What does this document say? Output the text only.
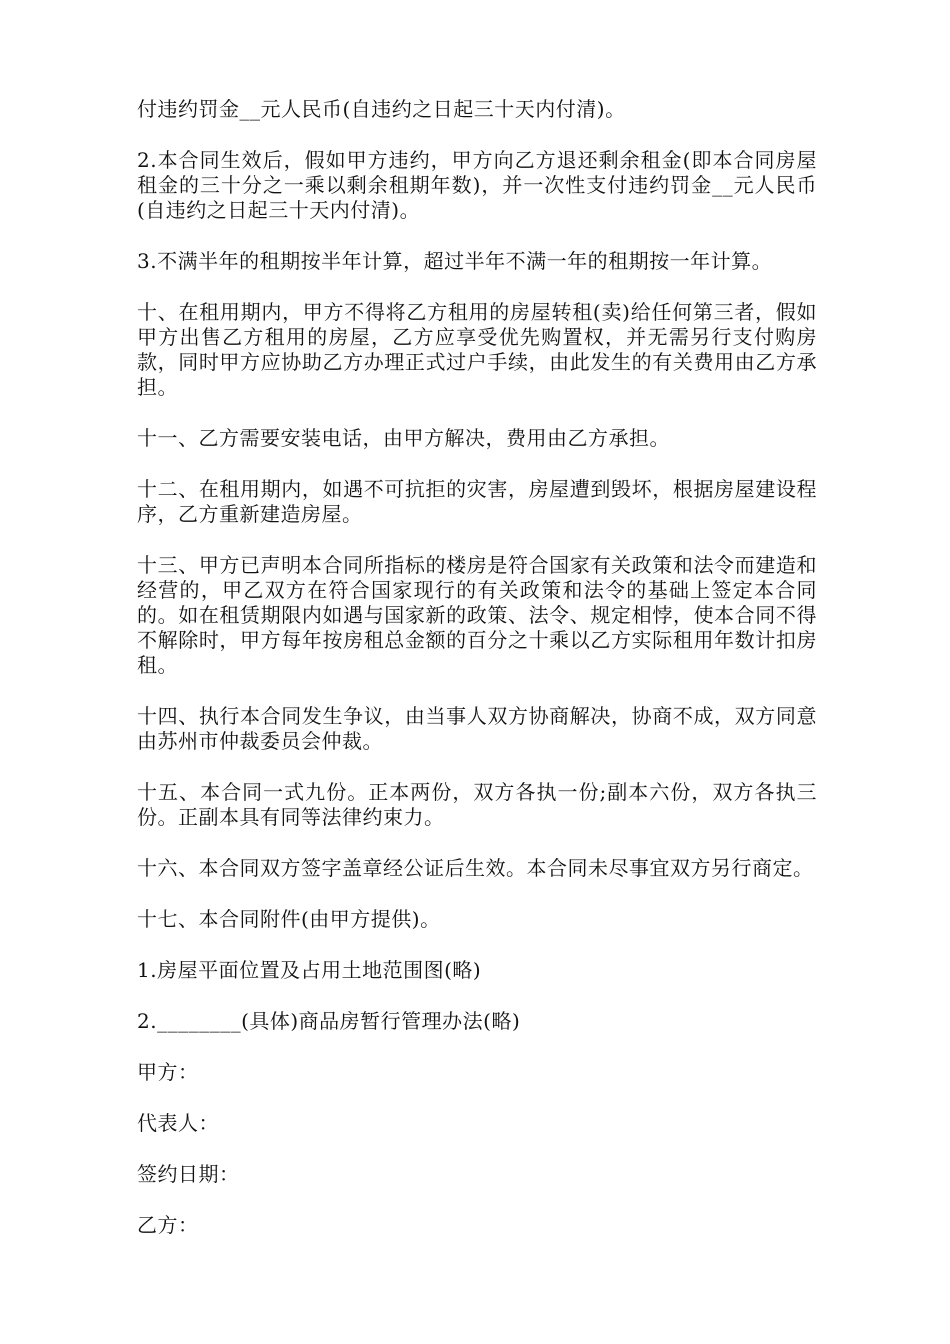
付违约罚金__元人民币(自违约之日起三十天内付清)。

2.本合同生效后，假如甲方违约，甲方向乙方退还剩余租金(即本合同房屋租金的三十分之一乘以剩余租期年数)，并一次性支付违约罚金__元人民币(自违约之日起三十天内付清)。

3.不满半年的租期按半年计算，超过半年不满一年的租期按一年计算。

十、在租用期内，甲方不得将乙方租用的房屋转租(卖)给任何第三者，假如甲方出售乙方租用的房屋，乙方应享受优先购置权，并无需另行支付购房款，同时甲方应协助乙方办理正式过户手续，由此发生的有关费用由乙方承担。

十一、乙方需要安装电话，由甲方解决，费用由乙方承担。

十二、在租用期内，如遇不可抗拒的灾害，房屋遭到毁坏，根据房屋建设程序，乙方重新建造房屋。

十三、甲方已声明本合同所指标的楼房是符合国家有关政策和法令而建造和经营的，甲乙双方在符合国家现行的有关政策和法令的基础上签定本合同的。如在租赁期限内如遇与国家新的政策、法令、规定相悖，使本合同不得不解除时，甲方每年按房租总金额的百分之十乘以乙方实际租用年数计扣房租。

十四、执行本合同发生争议，由当事人双方协商解决，协商不成，双方同意由苏州市仲裁委员会仲裁。

十五、本合同一式九份。正本两份，双方各执一份;副本六份，双方各执三份。正副本具有同等法律约束力。

十六、本合同双方签字盖章经公证后生效。本合同未尽事宜双方另行商定。

十七、本合同附件(由甲方提供)。

1.房屋平面位置及占用土地范围图(略)

2.________(具体)商品房暂行管理办法(略)

甲方：

代表人：

签约日期：

乙方：
